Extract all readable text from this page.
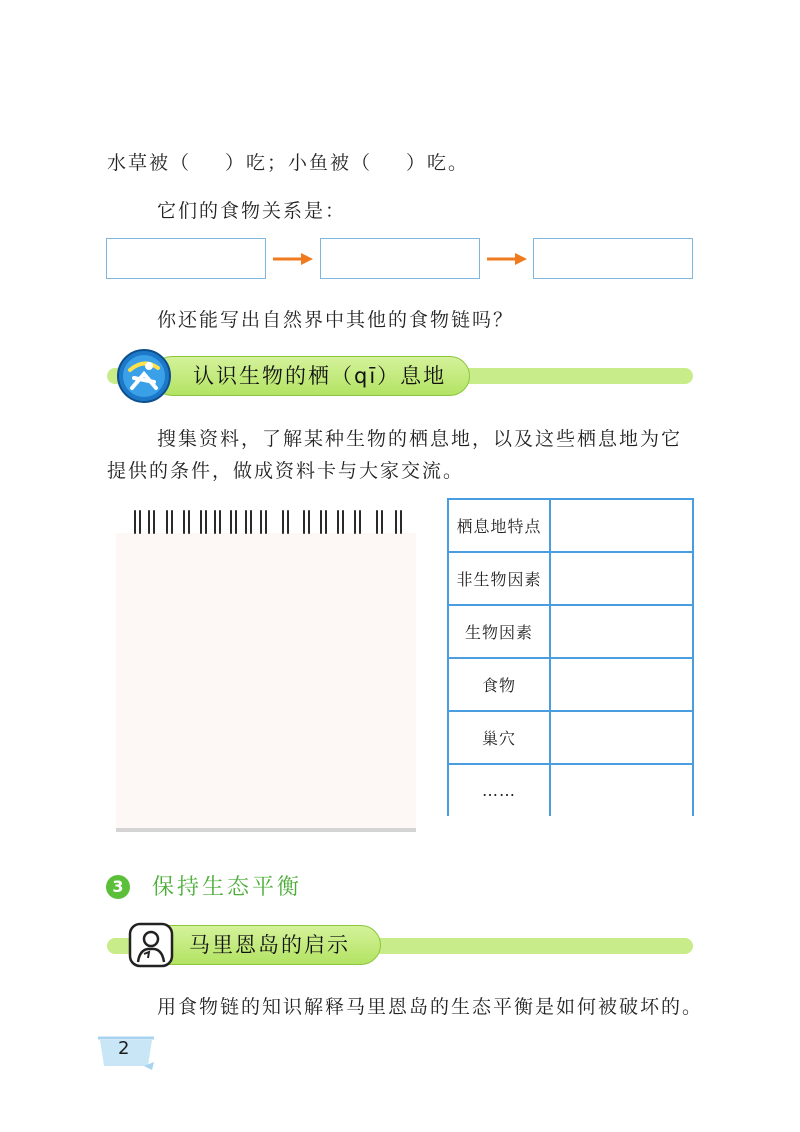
水草被（ ）吃；小鱼被（ ）吃。
它们的食物关系是：
你还能写出自然界中其他的食物链吗？
认识生物的栖（qī）息地
搜集资料，了解某种生物的栖息地，以及这些栖息地为它
提供的条件，做成资料卡与大家交流。
栖息地特点	
非生物因素	
生物因素	
食物	
巢穴	
……	
3 保持生态平衡
马里恩岛的启示
用食物链的知识解释马里恩岛的生态平衡是如何被破坏的。
2
